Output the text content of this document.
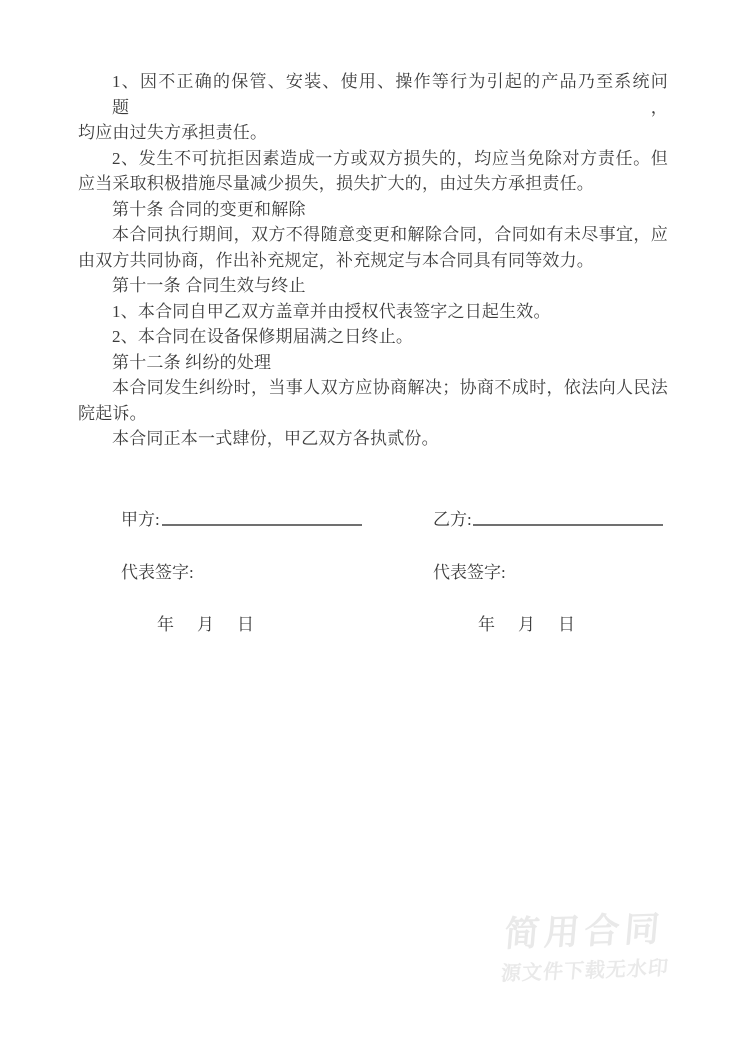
1、因不正确的保管、安装、使用、操作等行为引起的产品乃至系统问题，
均应由过失方承担责任。

2、发生不可抗拒因素造成一方或双方损失的，均应当免除对方责任。但
应当采取积极措施尽量减少损失，损失扩大的，由过失方承担责任。

第十条 合同的变更和解除

本合同执行期间，双方不得随意变更和解除合同，合同如有未尽事宜，应
由双方共同协商，作出补充规定，补充规定与本合同具有同等效力。

第十一条 合同生效与终止

1、本合同自甲乙双方盖章并由授权代表签字之日起生效。

2、本合同在设备保修期届满之日终止。

第十二条 纠纷的处理

本合同发生纠纷时，当事人双方应协商解决；协商不成时，依法向人民法
院起诉。

本合同正本一式肆份，甲乙双方各执贰份。

甲方:	乙方:
代表签字:	代表签字:
年　月　日	年　月　日
简用合同
源文件下载无水印
